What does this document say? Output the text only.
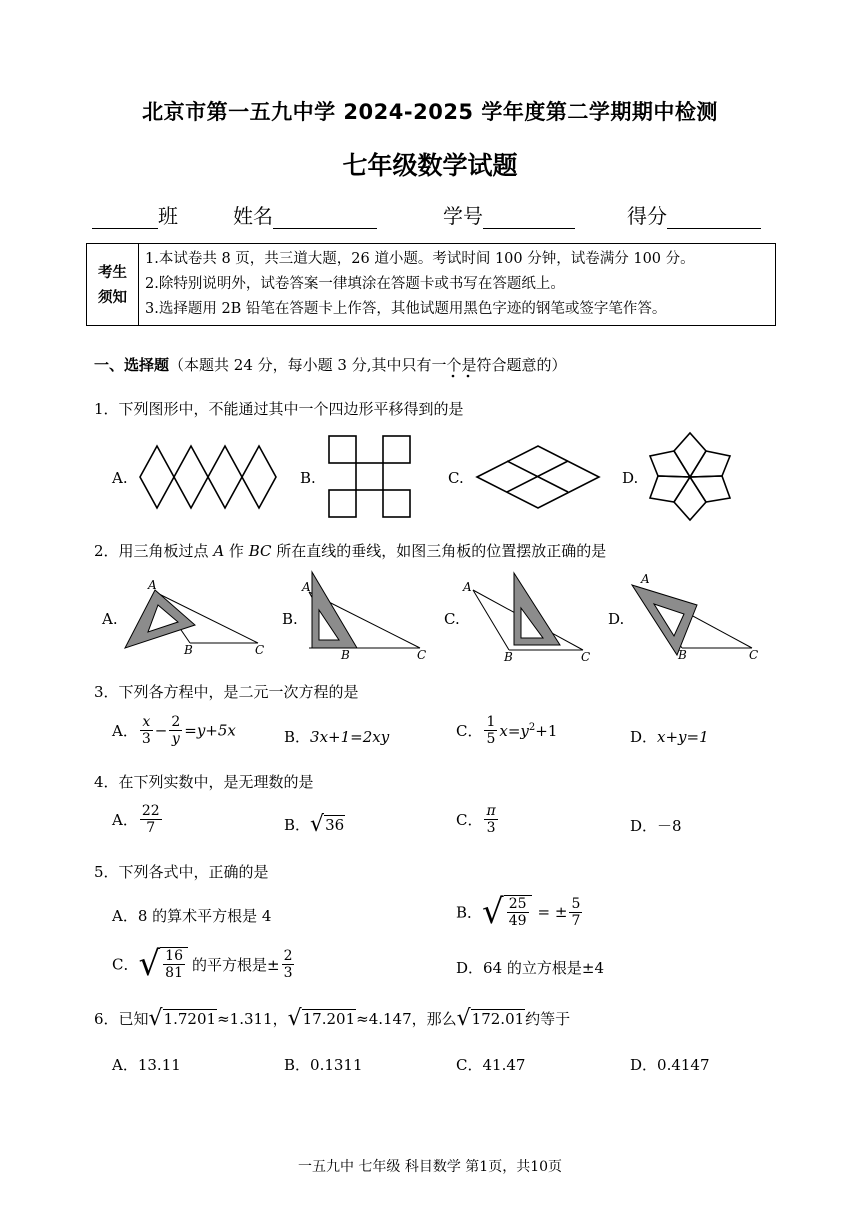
北京市第一五九中学 2024-2025 学年度第二学期期中检测
七年级数学试题
班	姓名	学号	得分
考生
须知

1.本试卷共 8 页，共三道大题，26 道小题。考试时间 100 分钟，试卷满分 100 分。
2.除特别说明外，试卷答案一律填涂在答题卡或书写在答题纸上。
3.选择题用 2B 铅笔在答题卡上作答，其他试题用黑色字迹的钢笔或签字笔作答。
一、选择题（本题共 24 分，每小题 3 分,其中只有一个是符合题意的）
1．下列图形中，不能通过其中一个四边形平移得到的是
A.	B.	C.	D.
2．用三角板过点 A 作 BC 所在直线的垂线，如图三角板的位置摆放正确的是
A.	B.	C.	D.
A
B	C
A
B	C
A
B	C
A
B	C
3．下列各方程中，是二元一次方程的是
A． $\frac{x}{3} - \frac{2}{y} =y+5x$	B．3x+1=2xy	C． $\frac{1}{5} x=y^2+1$	D．x+y=1
4．在下列实数中，是无理数的是
A． $\frac{22}{7}$	B．√36	C． $\frac{\pi}{3}$	D．－8
5．下列各式中，正确的是
A．8 的算术平方根是 4	B．√ $\frac{25}{49}$ = ± $\frac{5}{7}$
C．√ $\frac{16}{81}$ 的平方根是± $\frac{2}{3}$	D．64 的立方根是±4
6．已知√1.7201≈1.311，√17.201≈4.147，那么√172.01约等于
A．13.11	B．0.1311	C．41.47	D．0.4147
一五九中 七年级 科目数学 第1页，共10页
